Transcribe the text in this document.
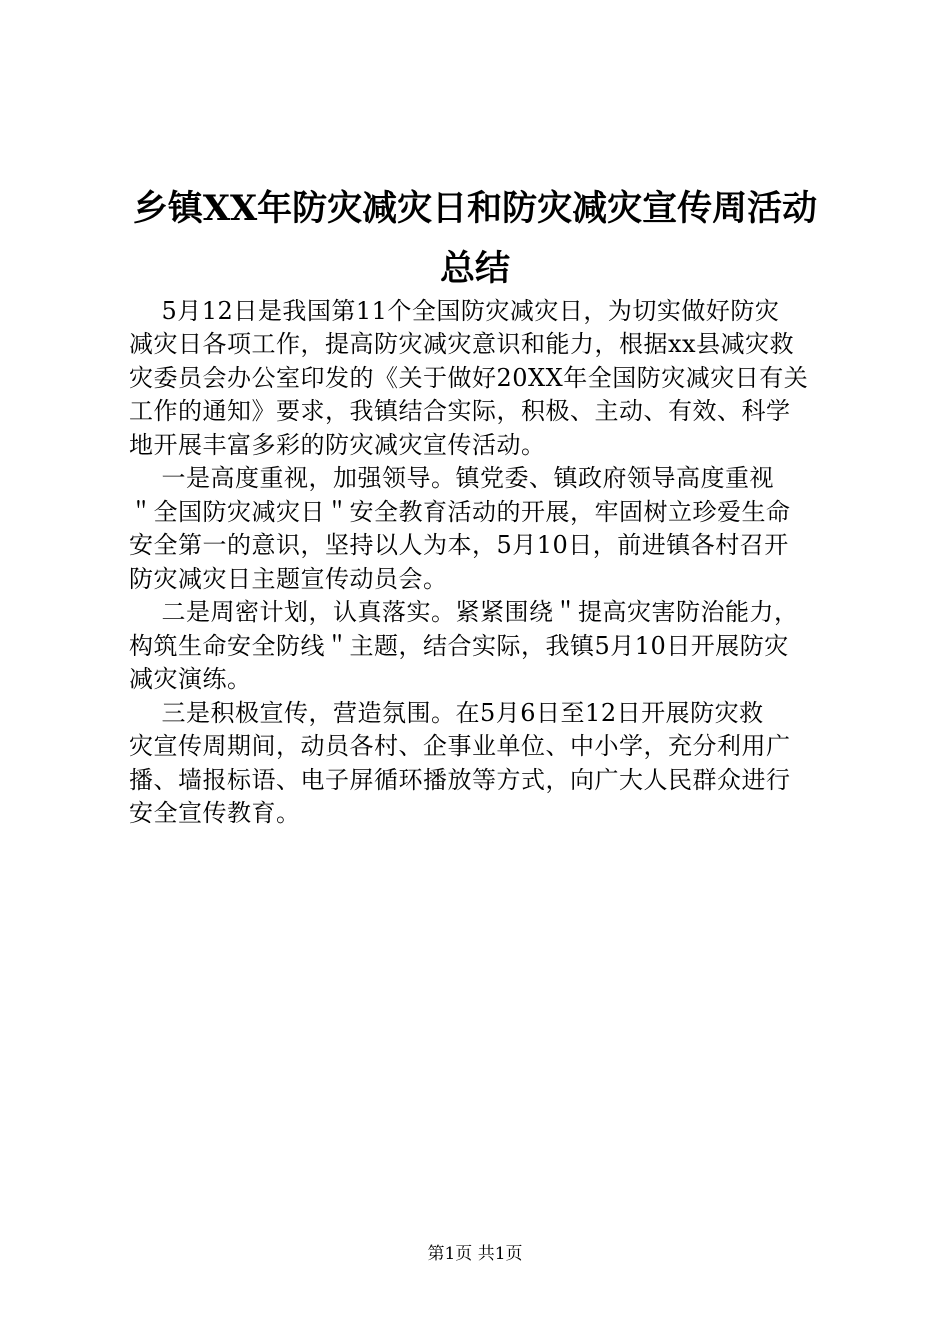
乡镇XX年防灾减灾日和防灾减灾宣传周活动
总结
5月12日是我国第11个全国防灾减灾日，为切实做好防灾
减灾日各项工作，提高防灾减灾意识和能力，根据xx县减灾救
灾委员会办公室印发的《关于做好20XX年全国防灾减灾日有关
工作的通知》要求，我镇结合实际，积极、主动、有效、科学
地开展丰富多彩的防灾减灾宣传活动。
一是高度重视，加强领导。镇党委、镇政府领导高度重视
＂全国防灾减灾日＂安全教育活动的开展，牢固树立珍爱生命
安全第一的意识，坚持以人为本，5月10日，前进镇各村召开
防灾减灾日主题宣传动员会。
二是周密计划，认真落实。紧紧围绕＂提高灾害防治能力，
构筑生命安全防线＂主题，结合实际，我镇5月10日开展防灾
减灾演练。
三是积极宣传，营造氛围。在5月6日至12日开展防灾救
灾宣传周期间，动员各村、企事业单位、中小学，充分利用广
播、墙报标语、电子屏循环播放等方式，向广大人民群众进行
安全宣传教育。
第1页 共1页
